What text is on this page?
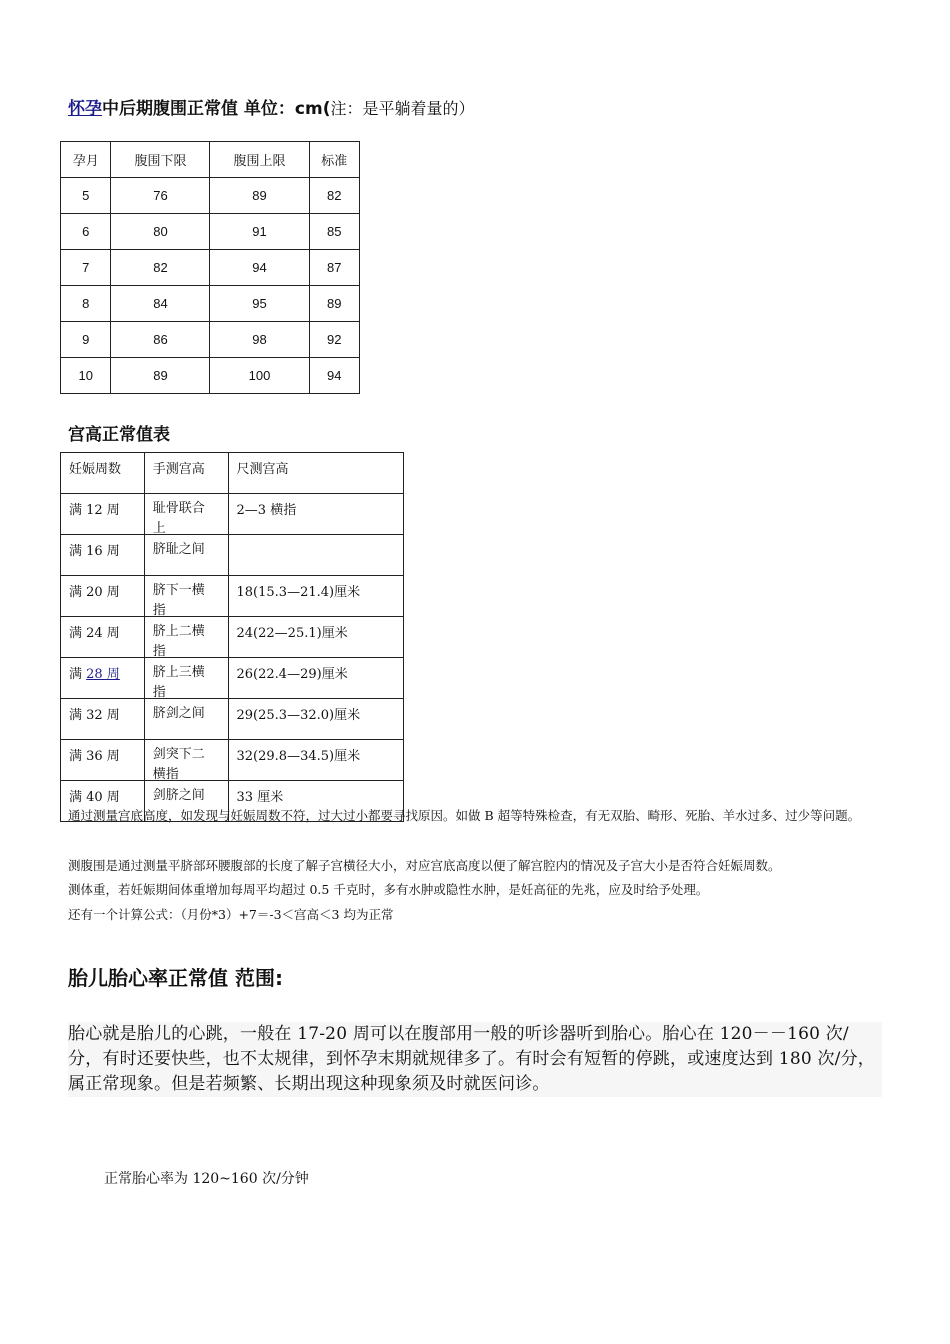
怀孕中后期腹围正常值 单位：cm(注：是平躺着量的）
孕月	腹围下限	腹围上限	标准
5	76	89	82
6	80	91	85
7	82	94	87
8	84	95	89
9	86	98	92
10	89	100	94
宫高正常值表
妊娠周数	手测宫高	尺测宫高
满 12 周	耻骨联合上	2—3 横指
满 16 周	脐耻之间	

满 20 周	脐下一横指	18(15.3—21.4)厘米
满 24 周	脐上二横指	24(22—25.1)厘米
满 28 周	脐上三横指	26(22.4—29)厘米
满 32 周	脐剑之间	29(25.3—32.0)厘米
满 36 周	剑突下二横指	32(29.8—34.5)厘米
满 40 周	剑脐之间	33 厘米
通过测量宫底高度，如发现与妊娠周数不符，过大过小都要寻找原因。如做 B 超等特殊检查，有无双胎、畸形、死胎、羊水过多、过少等问题。
测腹围是通过测量平脐部环腰腹部的长度了解子宫横径大小，对应宫底高度以便了解宫腔内的情况及子宫大小是否符合妊娠周数。
测体重，若妊娠期间体重增加每周平均超过 0.5 千克时，多有水肿或隐性水肿，是妊高征的先兆，应及时给予处理。
还有一个计算公式：（月份*3）+7＝-3＜宫高＜3 均为正常
胎儿胎心率正常值 范围:
胎心就是胎儿的心跳，一般在 17-20 周可以在腹部用一般的听诊器听到胎心。胎心在 120－－160 次/分，有时还要快些，也不太规律，到怀孕末期就规律多了。有时会有短暂的停跳，或速度达到 180 次/分，属正常现象。但是若频繁、长期出现这种现象须及时就医问诊。
正常胎心率为 120~160 次/分钟
